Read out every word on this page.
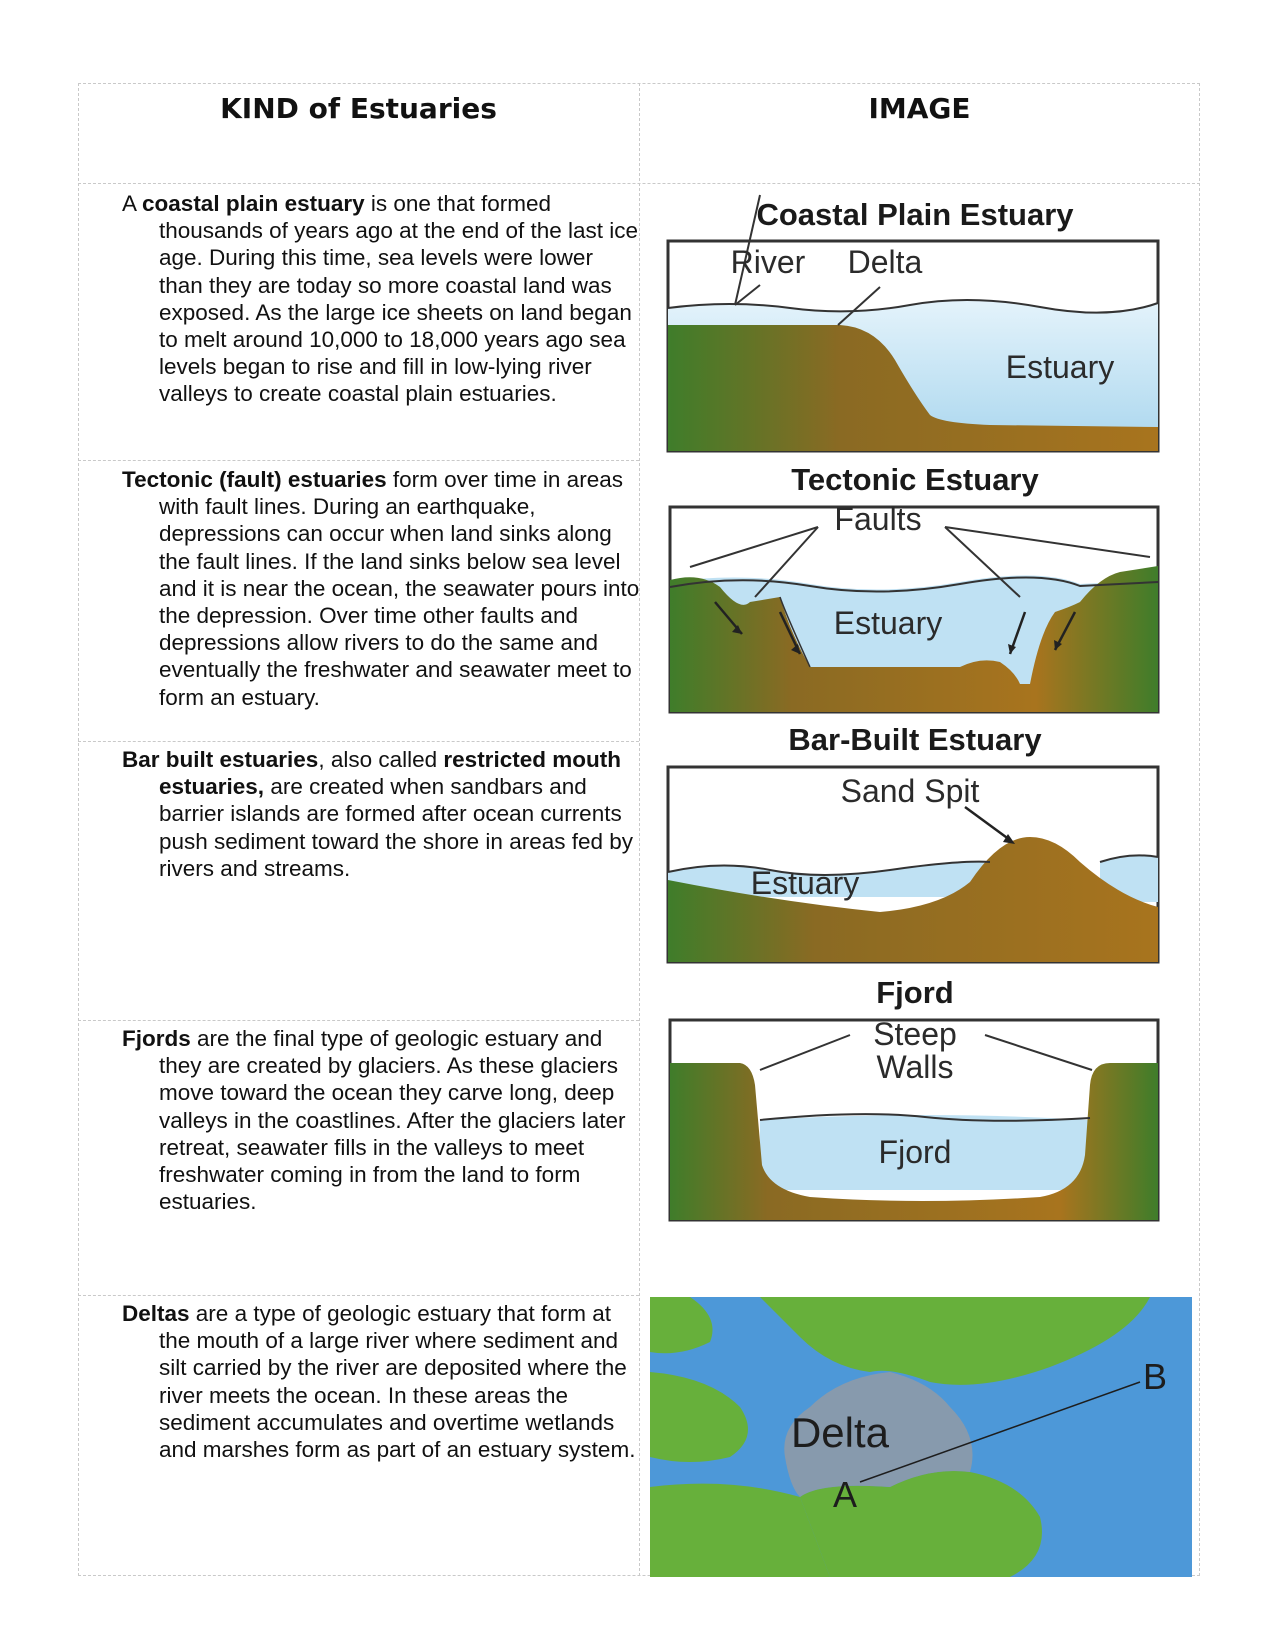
KIND of Estuaries	IMAGE

A coastal plain estuary is one that formed thousands of years ago at the end of the last ice age. During this time, sea levels were lower than they are today so more coastal land was exposed. As the large ice sheets on land began to melt around 10,000 to 18,000 years ago sea levels began to rise and fill in low-lying river valleys to create coastal plain estuaries.

Tectonic (fault) estuaries form over time in areas with fault lines. During an earthquake, depressions can occur when land sinks along the fault lines. If the land sinks below sea level and it is near the ocean, the seawater pours into the depression. Over time other faults and depressions allow rivers to do the same and eventually the freshwater and seawater meet to form an estuary.

Bar built estuaries, also called restricted mouth estuaries, are created when sandbars and barrier islands are formed after ocean currents push sediment toward the shore in areas fed by rivers and streams.

Fjords are the final type of geologic estuary and they are created by glaciers. As these glaciers move toward the ocean they carve long, deep valleys in the coastlines. After the glaciers later retreat, seawater fills in the valleys to meet freshwater coming in from the land to form estuaries.

Deltas are a type of geologic estuary that form at the mouth of a large river where sediment and silt carried by the river are deposited where the river meets the ocean. In these areas the sediment accumulates and overtime wetlands and marshes form as part of an estuary system.

Coastal Plain Estuary
River Delta
Estuary
Tectonic Estuary
Faults
Estuary
Bar-Built Estuary
Sand Spit
Estuary
Fjord
Steep
Walls
Fjord
Delta
A
B
